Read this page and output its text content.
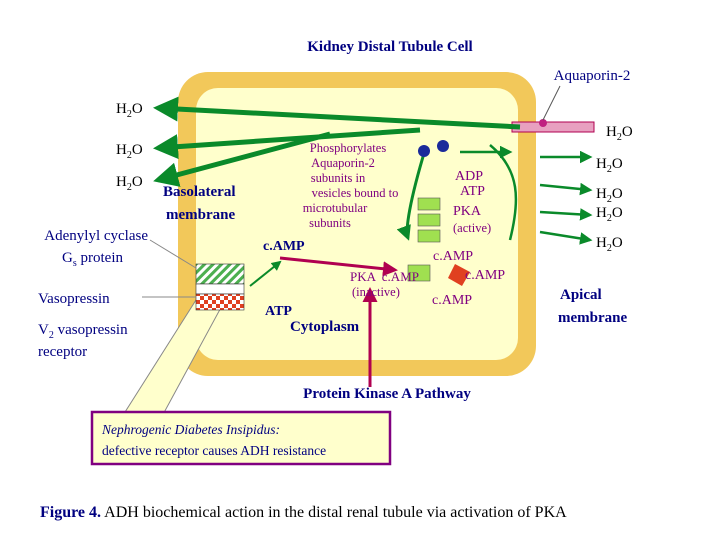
Kidney Distal Tubule Cell
Aquaporin-2
$H_2O$
$H_2O$
$H_2O$
$H_2O$
$H_2O$
$H_2O$
$H_2O$
$H_2O$
Basolateral
membrane
Adenylyl cyclase
$G_s$ protein
Vasopressin
$V_2$ vasopressin
receptor
Phosphorylates
Aquaporin-2
subunits in
vesicles bound to
microtubular
subunits
ADP
ATP
PKA
(active)
c.AMP
c.AMP
PKA  c.AMP
(inactive)
c.AMP
c.AMP
ATP
Cytoplasm
Apical
membrane
Protein Kinase A Pathway
Nephrogenic Diabetes Insipidus:
defective receptor causes ADH resistance
Figure 4. ADH biochemical action in the distal renal tubule via activation of PKA
